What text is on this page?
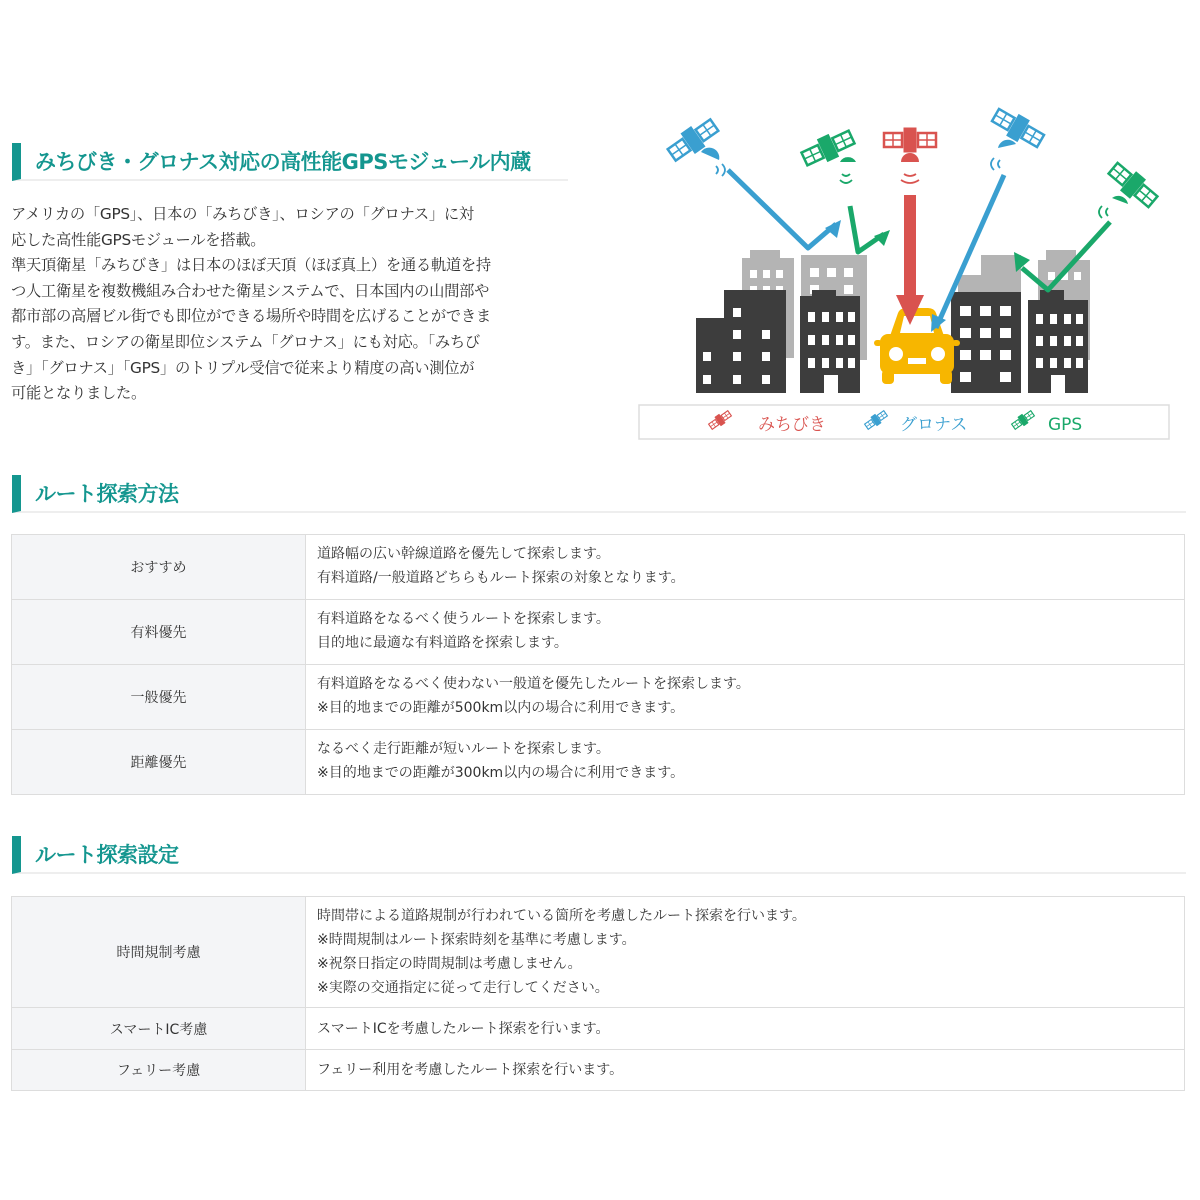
みちびき・グロナス対応の高性能GPSモジュール内蔵

アメリカの「GPS」、日本の「みちびき」、ロシアの「グロナス」に対

応した高性能GPSモジュールを搭載。

準天頂衛星「みちびき」は日本のほぼ天頂（ほぼ真上）を通る軌道を持

つ人工衛星を複数機組み合わせた衛星システムで、日本国内の山間部や

都市部の高層ビル街でも即位ができる場所や時間を広げることができま

す。また、ロシアの衛星即位システム「グロナス」にも対応。「みちび

き」「グロナス」「GPS」のトリプル受信で従来より精度の高い測位が

可能となりました。

みちびき	グロナス	GPS
ルート探索方法
おすすめ	道路幅の広い幹線道路を優先して探索します。
有料道路/一般道路どちらもルート探索の対象となります。

有料優先	有料道路をなるべく使うルートを探索します。
目的地に最適な有料道路を探索します。

一般優先	有料道路をなるべく使わない一般道を優先したルートを探索します。
※目的地までの距離が500km以内の場合に利用できます。

距離優先	なるべく走行距離が短いルートを探索します。
※目的地までの距離が300km以内の場合に利用できます。
ルート探索設定
時間規制考慮	時間帯による道路規制が行われている箇所を考慮したルート探索を行います。
※時間規制はルート探索時刻を基準に考慮します。
※祝祭日指定の時間規制は考慮しません。
※実際の交通指定に従って走行してください。

スマートIC考慮	スマートICを考慮したルート探索を行います。

フェリー考慮	フェリー利用を考慮したルート探索を行います。
